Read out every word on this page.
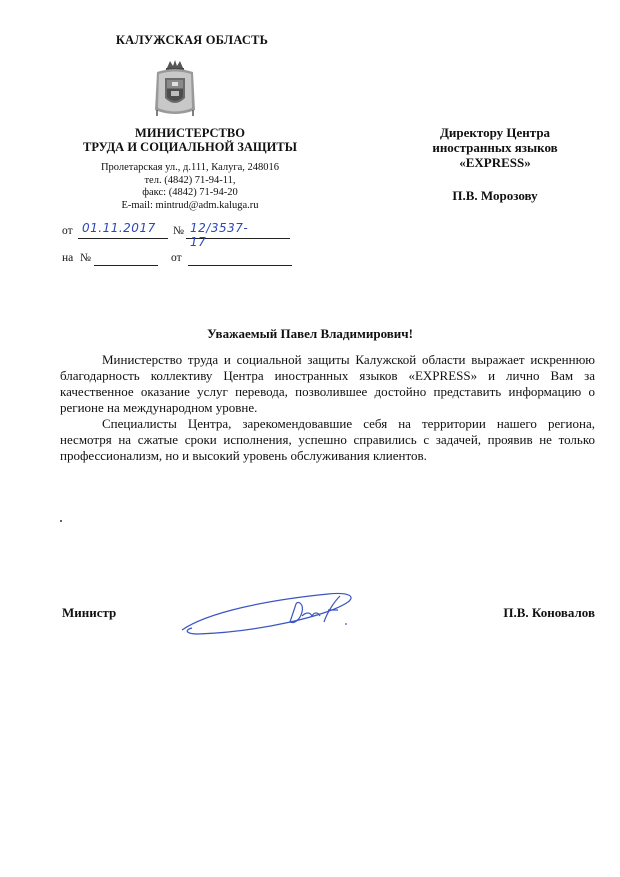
КАЛУЖСКАЯ ОБЛАСТЬ
МИНИСТЕРСТВО
ТРУДА И СОЦИАЛЬНОЙ ЗАЩИТЫ
Пролетарская ул., д.111, Калуга, 248016
тел. (4842) 71-94-11,
факс: (4842) 71-94-20
E-mail: mintrud@adm.kaluga.ru
Директору Центра
иностранных языков
«EXPRESS»
П.В. Морозову
от 01.11.2017 № 12/3537-17
на №	от
Уважаемый Павел Владимирович!

Министерство труда и социальной защиты Калужской области выражает искреннюю благодарность коллективу Центра иностранных языков «EXPRESS» и лично Вам за качественное оказание услуг перевода, позволившее достойно представить информацию о регионе на международном уровне.

Специалисты Центра, зарекомендовавшие себя на территории нашего региона, несмотря на сжатые сроки исполнения, успешно справились с задачей, проявив не только профессионализм, но и высокий уровень обслуживания клиентов.

Министр	П.В. Коновалов
